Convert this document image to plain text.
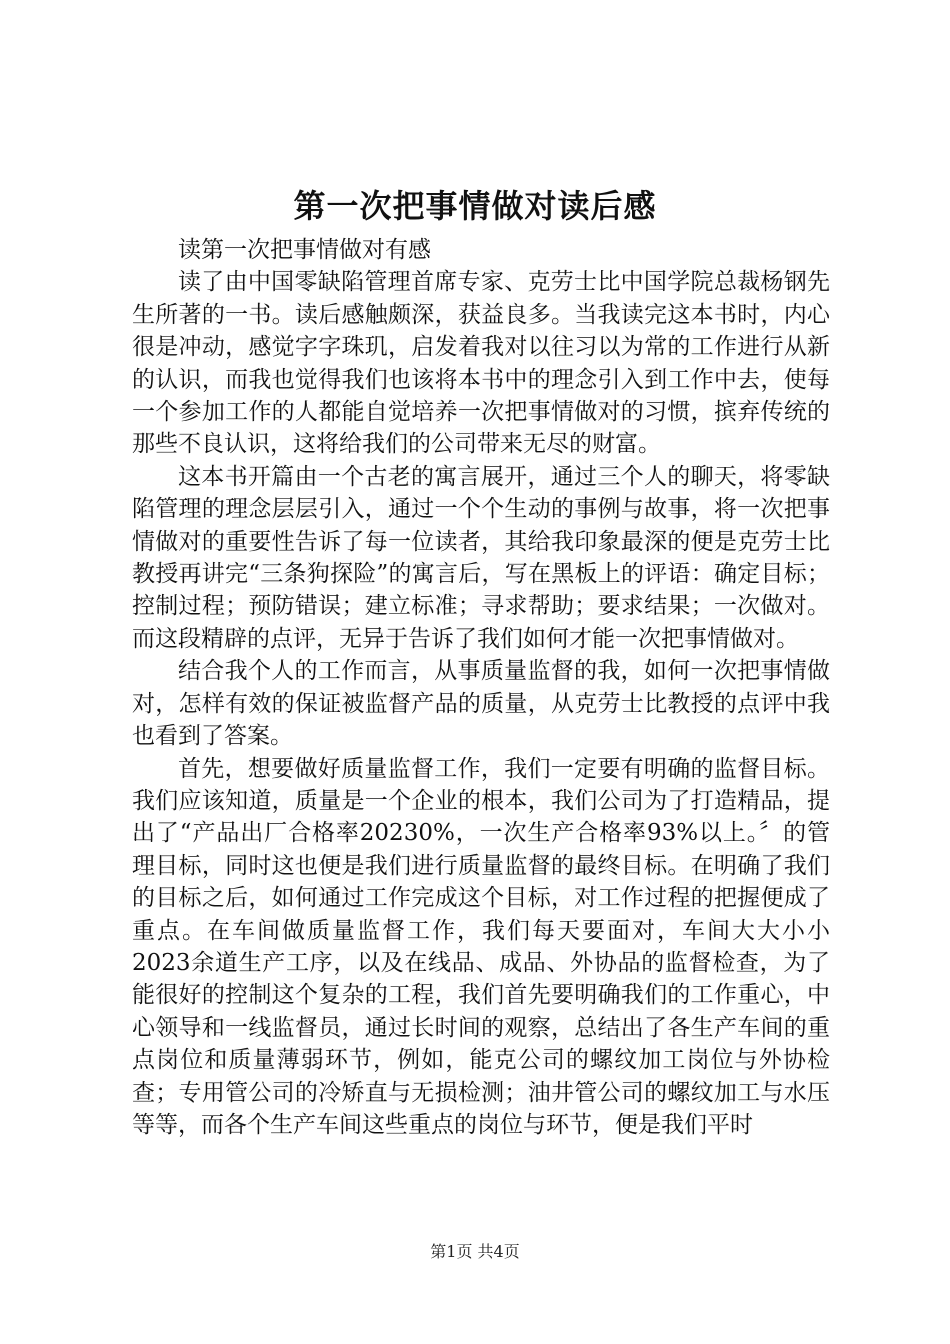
第一次把事情做对读后感

读第一次把事情做对有感

读了由中国零缺陷管理首席专家、克劳士比中国学院总裁杨钢先生所著的一书。读后感触颇深，获益良多。当我读完这本书时，内心很是冲动，感觉字字珠玑，启发着我对以往习以为常的工作进行从新的认识，而我也觉得我们也该将本书中的理念引入到工作中去，使每一个参加工作的人都能自觉培养一次把事情做对的习惯，摈弃传统的那些不良认识，这将给我们的公司带来无尽的财富。

这本书开篇由一个古老的寓言展开，通过三个人的聊天，将零缺陷管理的理念层层引入，通过一个个生动的事例与故事，将一次把事情做对的重要性告诉了每一位读者，其给我印象最深的便是克劳士比教授再讲完“三条狗探险”的寓言后，写在黑板上的评语：确定目标；控制过程；预防错误；建立标准；寻求帮助；要求结果；一次做对。而这段精辟的点评，无异于告诉了我们如何才能一次把事情做对。

结合我个人的工作而言，从事质量监督的我，如何一次把事情做对，怎样有效的保证被监督产品的质量，从克劳士比教授的点评中我也看到了答案。

首先，想要做好质量监督工作，我们一定要有明确的监督目标。我们应该知道，质量是一个企业的根本，我们公司为了打造精品，提出了“产品出厂合格率20230%，一次生产合格率93%以上。〞的管理目标，同时这也便是我们进行质量监督的最终目标。在明确了我们的目标之后，如何通过工作完成这个目标，对工作过程的把握便成了重点。在车间做质量监督工作，我们每天要面对，车间大大小小2023余道生产工序，以及在线品、成品、外协品的监督检查，为了能很好的控制这个复杂的工程，我们首先要明确我们的工作重心，中心领导和一线监督员，通过长时间的观察，总结出了各生产车间的重点岗位和质量薄弱环节，例如，能克公司的螺纹加工岗位与外协检查；专用管公司的冷矫直与无损检测；油井管公司的螺纹加工与水压等等，而各个生产车间这些重点的岗位与环节，便是我们平时

第1页 共4页
